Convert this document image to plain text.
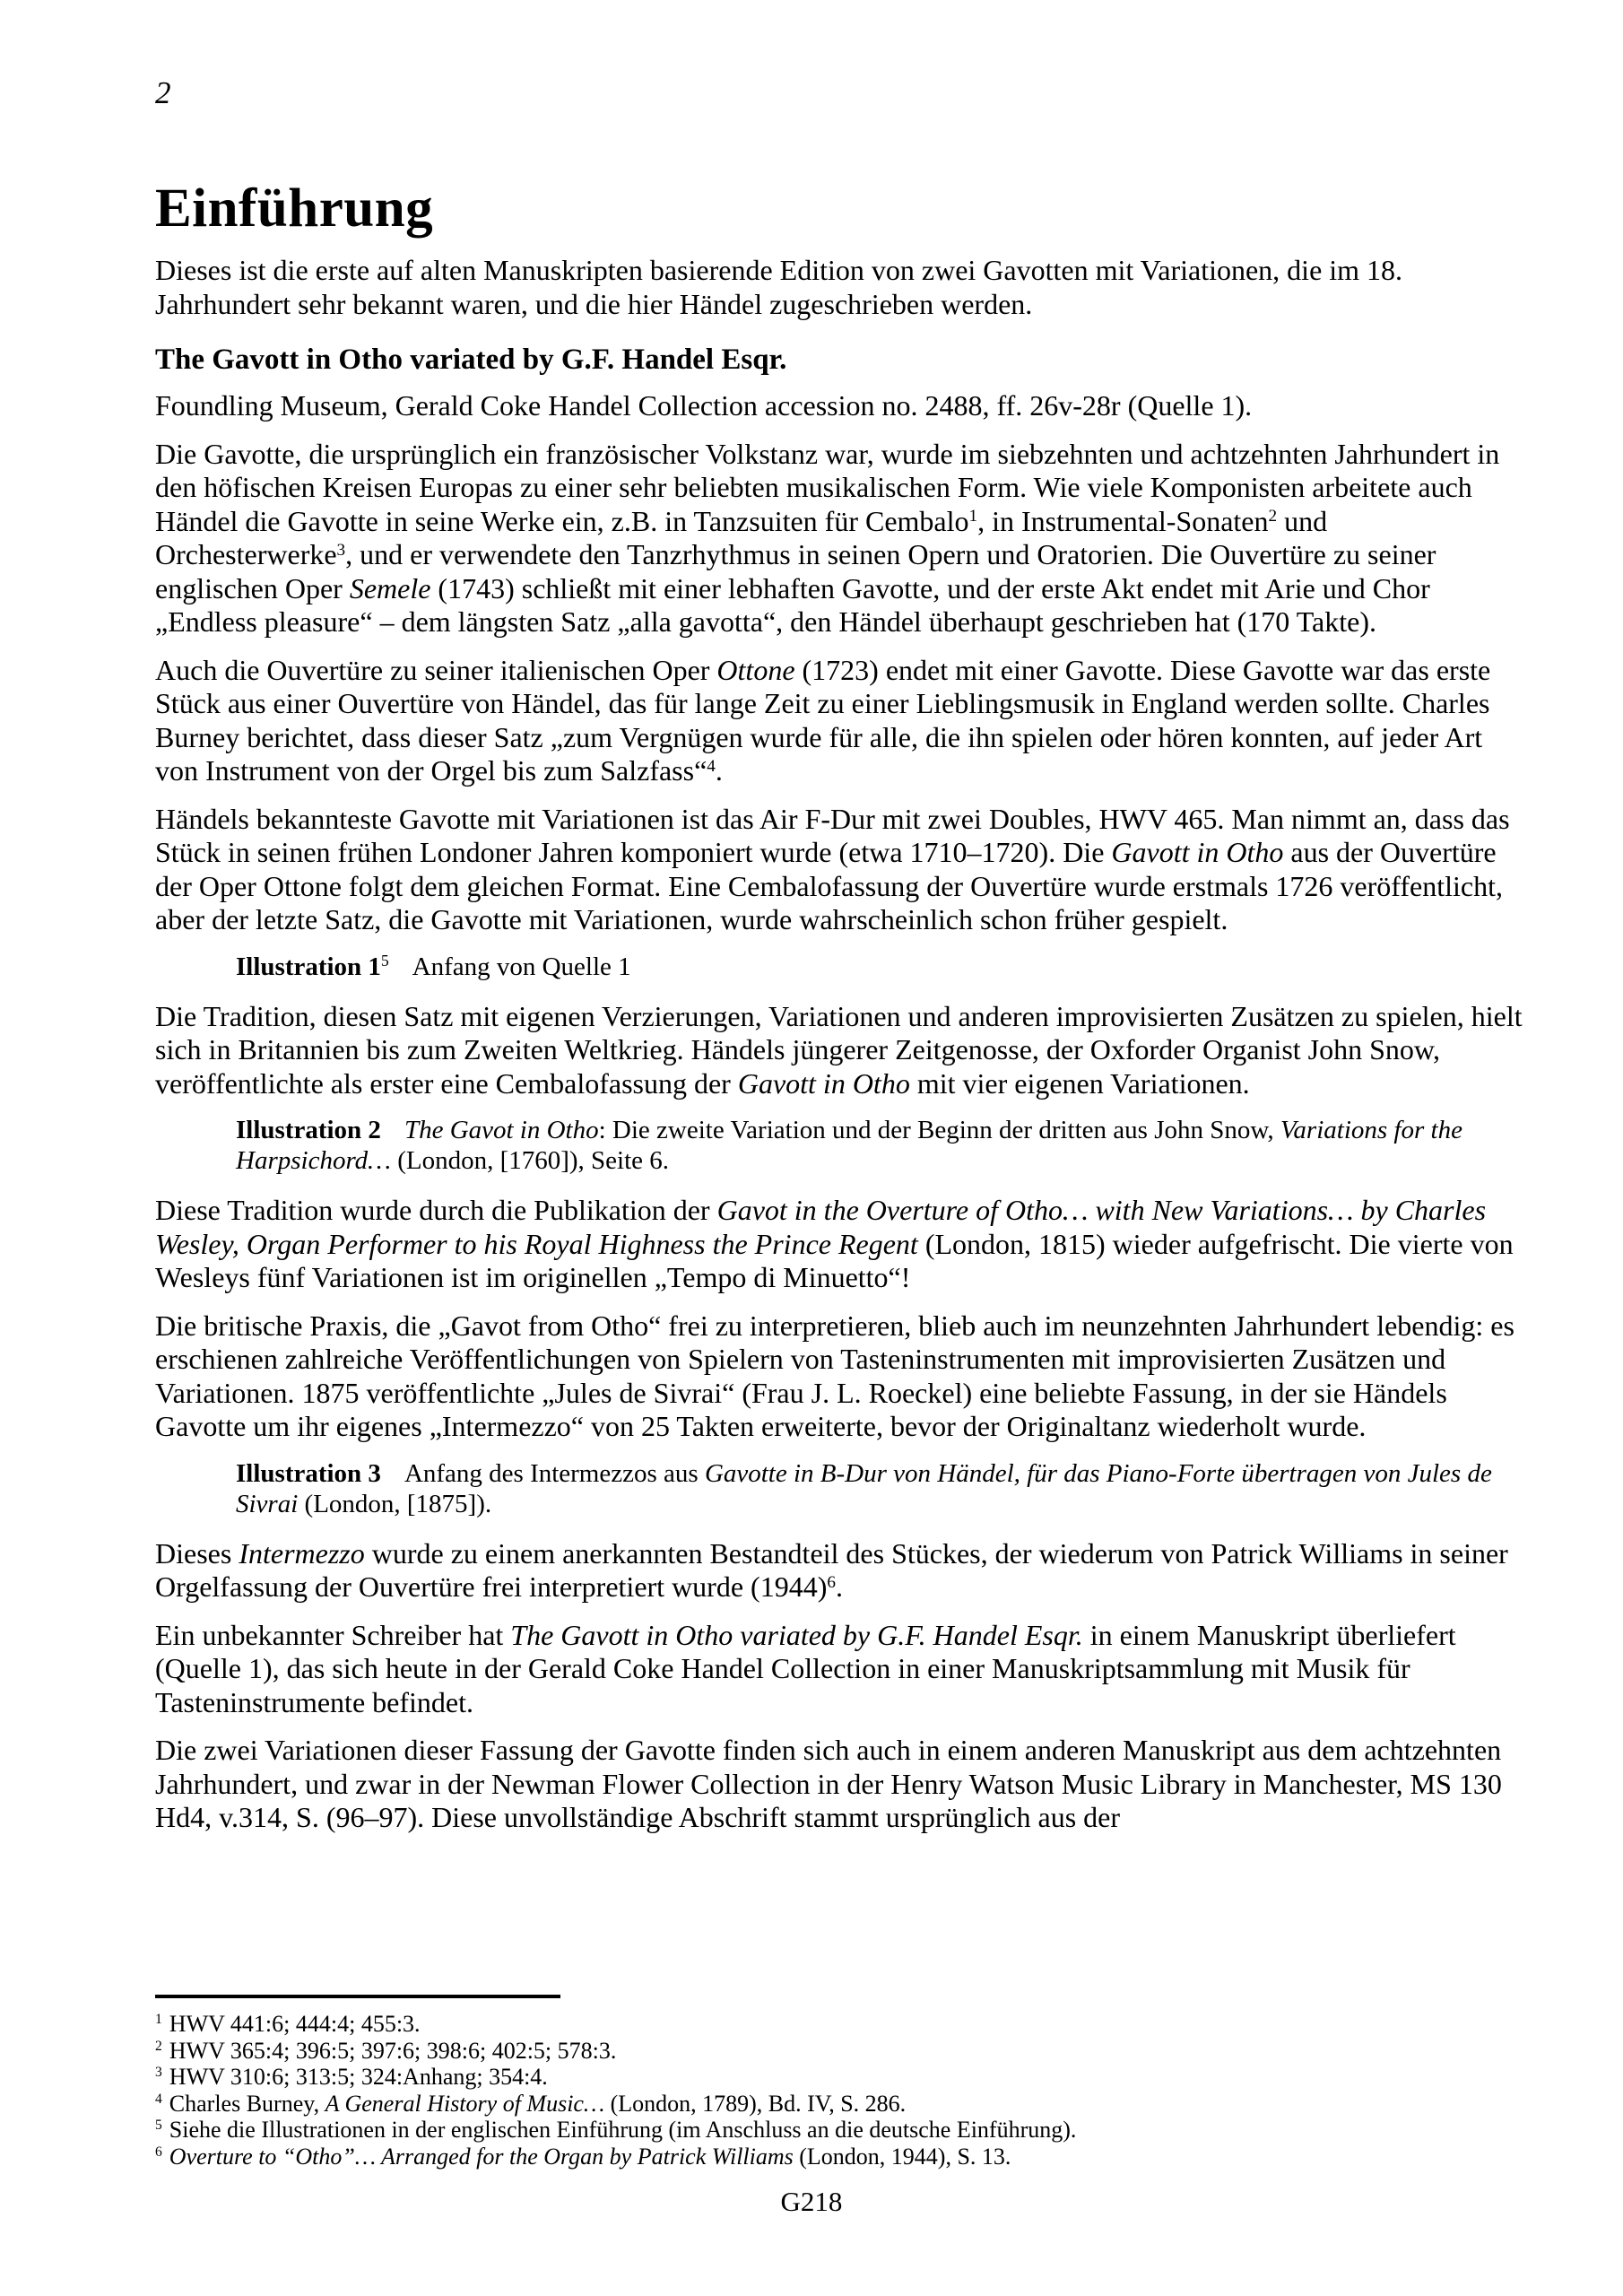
2
Einführung
Dieses ist die erste auf alten Manuskripten basierende Edition von zwei Gavotten mit Variationen, die im 18. Jahrhundert sehr bekannt waren, und die hier Händel zugeschrieben werden.
The Gavott in Otho variated by G.F. Handel Esqr.
Foundling Museum, Gerald Coke Handel Collection accession no. 2488, ff. 26v-28r (Quelle 1).
Die Gavotte, die ursprünglich ein französischer Volkstanz war, wurde im siebzehnten und achtzehnten Jahrhundert in den höfischen Kreisen Europas zu einer sehr beliebten musikalischen Form. Wie viele Komponisten arbeitete auch Händel die Gavotte in seine Werke ein, z.B. in Tanzsuiten für Cembalo$^1$, in Instrumental-Sonaten$^2$ und Orchesterwerke$^3$, und er verwendete den Tanzrhythmus in seinen Opern und Oratorien. Die Ouvertüre zu seiner englischen Oper Semele (1743) schließt mit einer lebhaften Gavotte, und der erste Akt endet mit Arie und Chor „Endless pleasure“ – dem längsten Satz „alla gavotta“, den Händel überhaupt geschrieben hat (170 Takte).
Auch die Ouvertüre zu seiner italienischen Oper Ottone (1723) endet mit einer Gavotte. Diese Gavotte war das erste Stück aus einer Ouvertüre von Händel, das für lange Zeit zu einer Lieblingsmusik in England werden sollte. Charles Burney berichtet, dass dieser Satz „zum Vergnügen wurde für alle, die ihn spielen oder hören konnten, auf jeder Art von Instrument von der Orgel bis zum Salzfass“$^4$.
Händels bekannteste Gavotte mit Variationen ist das Air F-Dur mit zwei Doubles, HWV 465. Man nimmt an, dass das Stück in seinen frühen Londoner Jahren komponiert wurde (etwa 1710–1720). Die Gavott in Otho aus der Ouvertüre der Oper Ottone folgt dem gleichen Format. Eine Cembalofassung der Ouvertüre wurde erstmals 1726 veröffentlicht, aber der letzte Satz, die Gavotte mit Variationen, wurde wahrscheinlich schon früher gespielt.
Illustration $1^5$ Anfang von Quelle 1
Die Tradition, diesen Satz mit eigenen Verzierungen, Variationen und anderen improvisierten Zusätzen zu spielen, hielt sich in Britannien bis zum Zweiten Weltkrieg. Händels jüngerer Zeitgenosse, der Oxforder Organist John Snow, veröffentlichte als erster eine Cembalofassung der Gavott in Otho mit vier eigenen Variationen.
Illustration 2 The Gavot in Otho: Die zweite Variation und der Beginn der dritten aus John Snow, Variations for the Harpsichord… (London, [1760]), Seite 6.
Diese Tradition wurde durch die Publikation der Gavot in the Overture of Otho… with New Variations… by Charles Wesley, Organ Performer to his Royal Highness the Prince Regent (London, 1815) wieder aufgefrischt. Die vierte von Wesleys fünf Variationen ist im originellen „Tempo di Minuetto“!
Die britische Praxis, die „Gavot from Otho“ frei zu interpretieren, blieb auch im neunzehnten Jahrhundert lebendig: es erschienen zahlreiche Veröffentlichungen von Spielern von Tasteninstrumenten mit improvisierten Zusätzen und Variationen. 1875 veröffentlichte „Jules de Sivrai“ (Frau J. L. Roeckel) eine beliebte Fassung, in der sie Händels Gavotte um ihr eigenes „Intermezzo“ von 25 Takten erweiterte, bevor der Originaltanz wiederholt wurde.
Illustration 3 Anfang des Intermezzos aus Gavotte in B-Dur von Händel, für das Piano-Forte übertragen von Jules de Sivrai (London, [1875]).
Dieses Intermezzo wurde zu einem anerkannten Bestandteil des Stückes, der wiederum von Patrick Williams in seiner Orgelfassung der Ouvertüre frei interpretiert wurde $(1944)^6$.
Ein unbekannter Schreiber hat The Gavott in Otho variated by G.F. Handel Esqr. in einem Manuskript überliefert (Quelle 1), das sich heute in der Gerald Coke Handel Collection in einer Manuskriptsammlung mit Musik für Tasteninstrumente befindet.
Die zwei Variationen dieser Fassung der Gavotte finden sich auch in einem anderen Manuskript aus dem achtzehnten Jahrhundert, und zwar in der Newman Flower Collection in der Henry Watson Music Library in Manchester, MS 130 Hd4, v.314, S. (96–97). Diese unvollständige Abschrift stammt ursprünglich aus der
$^1$ HWV 441:6; 444:4; 455:3.
$^2$ HWV 365:4; 396:5; 397:6; 398:6; 402:5; 578:3.
$^3$ HWV 310:6; 313:5; 324:Anhang; 354:4.
$^4$ Charles Burney, A General History of Music… (London, 1789), Bd. IV, S. 286.
$^5$ Siehe die Illustrationen in der englischen Einführung (im Anschluss an die deutsche Einführung).
$^6$ Overture to “Otho”… Arranged for the Organ by Patrick Williams (London, 1944), S. 13.
G218
